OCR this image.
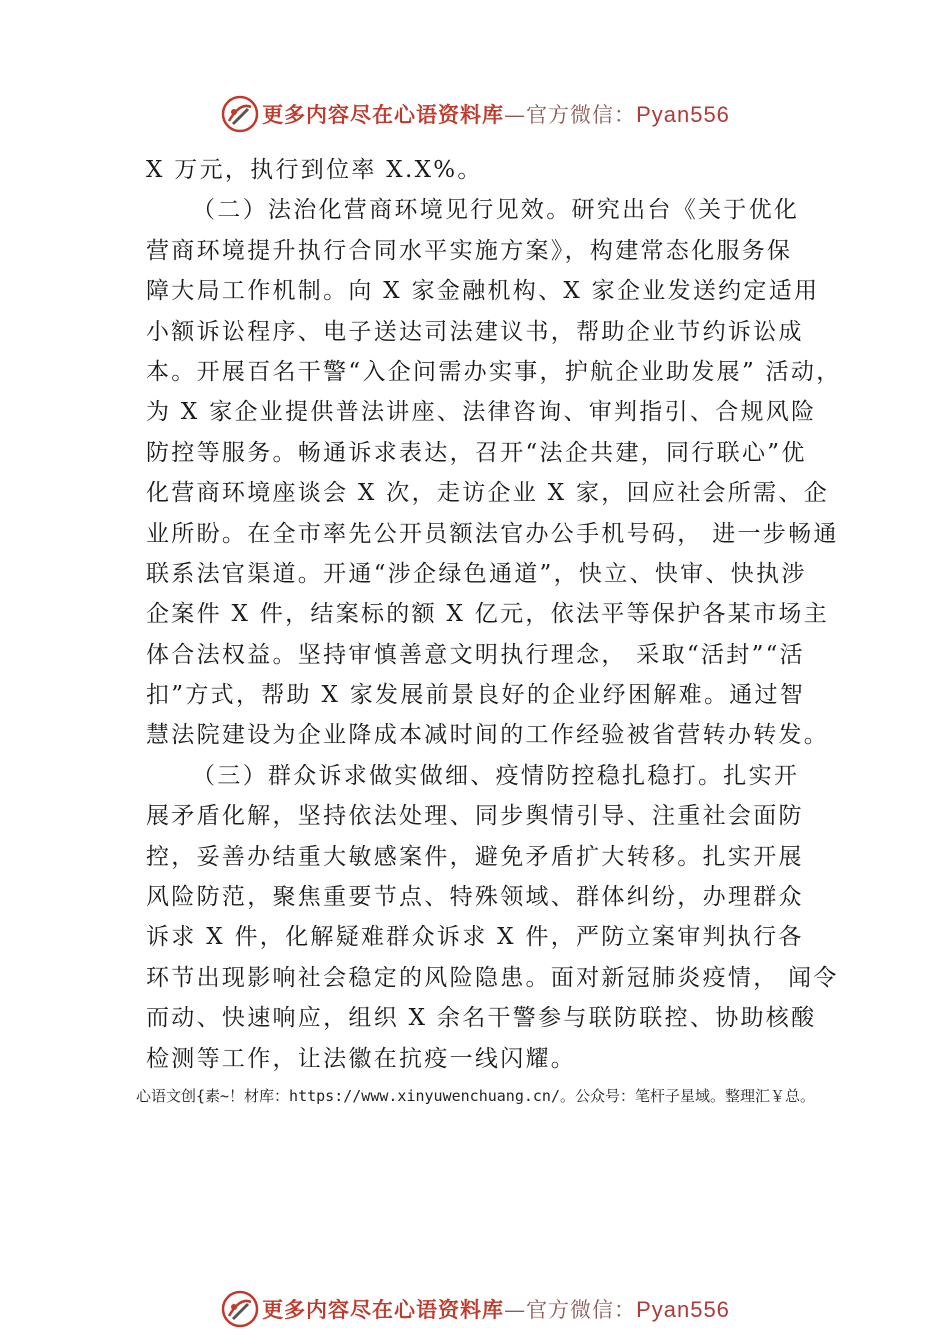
更多内容尽在心语资料库—官方微信：Pyan556
X 万元，执行到位率 X.X%。
（二）法治化营商环境见行见效。研究出台《关于优化
营商环境提升执行合同水平实施方案》，构建常态化服务保
障大局工作机制。向 X 家金融机构、X 家企业发送约定适用
小额诉讼程序、电子送达司法建议书，帮助企业节约诉讼成
本。开展百名干警“入企问需办实事，护航企业助发展” 活动，
为 X 家企业提供普法讲座、法律咨询、审判指引、合规风险
防控等服务。畅通诉求表达，召开“法企共建，同行联心”优
化营商环境座谈会 X 次，走访企业 X 家，回应社会所需、企
业所盼。在全市率先公开员额法官办公手机号码， 进一步畅通
联系法官渠道。开通“涉企绿色通道”，快立、快审、快执涉
企案件 X 件，结案标的额 X 亿元，依法平等保护各某市场主
体合法权益。坚持审慎善意文明执行理念， 采取“活封”“活
扣”方式，帮助 X 家发展前景良好的企业纾困解难。通过智
慧法院建设为企业降成本减时间的工作经验被省营转办转发。
（三）群众诉求做实做细、疫情防控稳扎稳打。扎实开
展矛盾化解，坚持依法处理、同步舆情引导、注重社会面防
控，妥善办结重大敏感案件，避免矛盾扩大转移。扎实开展
风险防范，聚焦重要节点、特殊领域、群体纠纷，办理群众
诉求 X 件，化解疑难群众诉求 X 件，严防立案审判执行各
环节出现影响社会稳定的风险隐患。面对新冠肺炎疫情， 闻令
而动、快速响应，组织 X 余名干警参与联防联控、协助核酸
检测等工作，让法徽在抗疫一线闪耀。
心语文创{素~！材库：https://www.xinyuwenchuang.cn/。公众号：笔杆子星域。整理汇￥总。
更多内容尽在心语资料库—官方微信：Pyan556
